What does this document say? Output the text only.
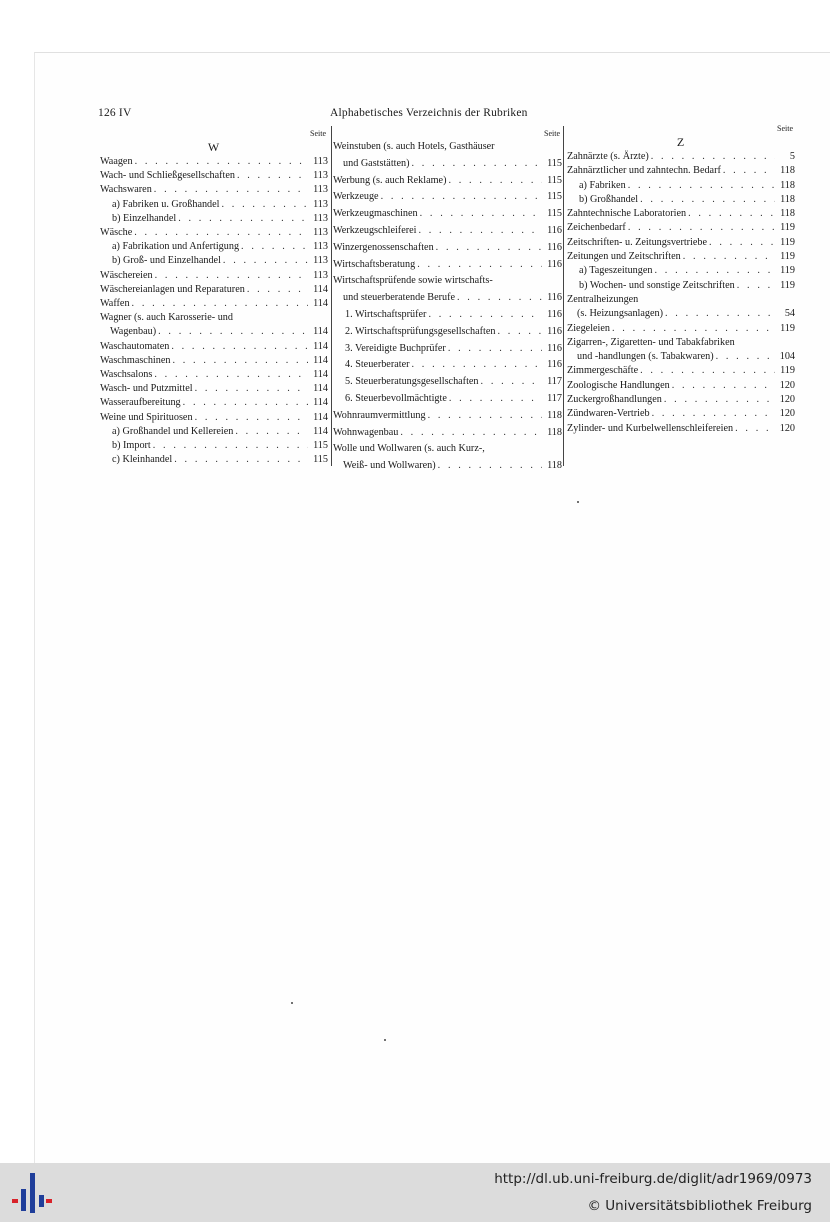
126 IV	Alphabetisches Verzeichnis der Rubriken
Seite
W
Waagen . . .	113
Wach- und Schließgesellschaften . . .	113
Wachswaren . . .	113
a) Fabriken u. Großhandel . . .	113
b) Einzelhandel . . .	113
Wäsche . . .	113
a) Fabrikation und Anfertigung . . .	113
b) Groß- und Einzelhandel . . .	113
Wäschereien . . .	113
Wäschereianlagen und Reparaturen . . .	114
Waffen . . .	114
Wagner (s. auch Karosserie- und
Wagenbau) . . .	114
Waschautomaten . . .	114
Waschmaschinen . . .	114
Waschsalons . . .	114
Wasch- und Putzmittel . . .	114
Wasseraufbereitung . . .	114
Weine und Spirituosen . . .	114
a) Großhandel und Kellereien . . .	114
b) Import . . .	115
c) Kleinhandel . . .	115
Seite
Weinstuben (s. auch Hotels, Gasthäuser
und Gaststätten) . . .	115
Werbung (s. auch Reklame) . . .	115
Werkzeuge . . .	115
Werkzeugmaschinen . . .	115
Werkzeugschleiferei . . .	116
Winzergenossenschaften . . .	116
Wirtschaftsberatung . . .	116
Wirtschaftsprüfende sowie wirtschafts-
und steuerberatende Berufe . . .	116
1. Wirtschaftsprüfer . . .	116
2. Wirtschaftsprüfungsgesellschaften . . .	116
3. Vereidigte Buchprüfer . . .	116
4. Steuerberater . . .	116
5. Steuerberatungsgesellschaften . . .	117
6. Steuerbevollmächtigte . . .	117
Wohnraumvermittlung . . .	118
Wohnwagenbau . . .	118
Wolle und Wollwaren (s. auch Kurz-,
Weiß- und Wollwaren) . . .	118
Seite
Z
Zahnärzte (s. Ärzte) . . .	5
Zahnärztlicher und zahntechn. Bedarf . . .	118
a) Fabriken . . .	118
b) Großhandel . . .	118
Zahntechnische Laboratorien . . .	118
Zeichenbedarf . . .	119
Zeitschriften- u. Zeitungsvertriebe . . .	119
Zeitungen und Zeitschriften . . .	119
a) Tageszeitungen . . .	119
b) Wochen- und sonstige Zeitschriften . . .	119
Zentralheizungen
(s. Heizungsanlagen) . . .	54
Ziegeleien . . .	119
Zigarren-, Zigaretten- und Tabakfabriken
und -handlungen (s. Tabakwaren) . . .	104
Zimmergeschäfte . . .	119
Zoologische Handlungen . . .	120
Zuckergroßhandlungen . . .	120
Zündwaren-Vertrieb . . .	120
Zylinder- und Kurbelwellenschleifereien . . .	120
http://dl.ub.uni-freiburg.de/diglit/adr1969/0973
© Universitätsbibliothek Freiburg
